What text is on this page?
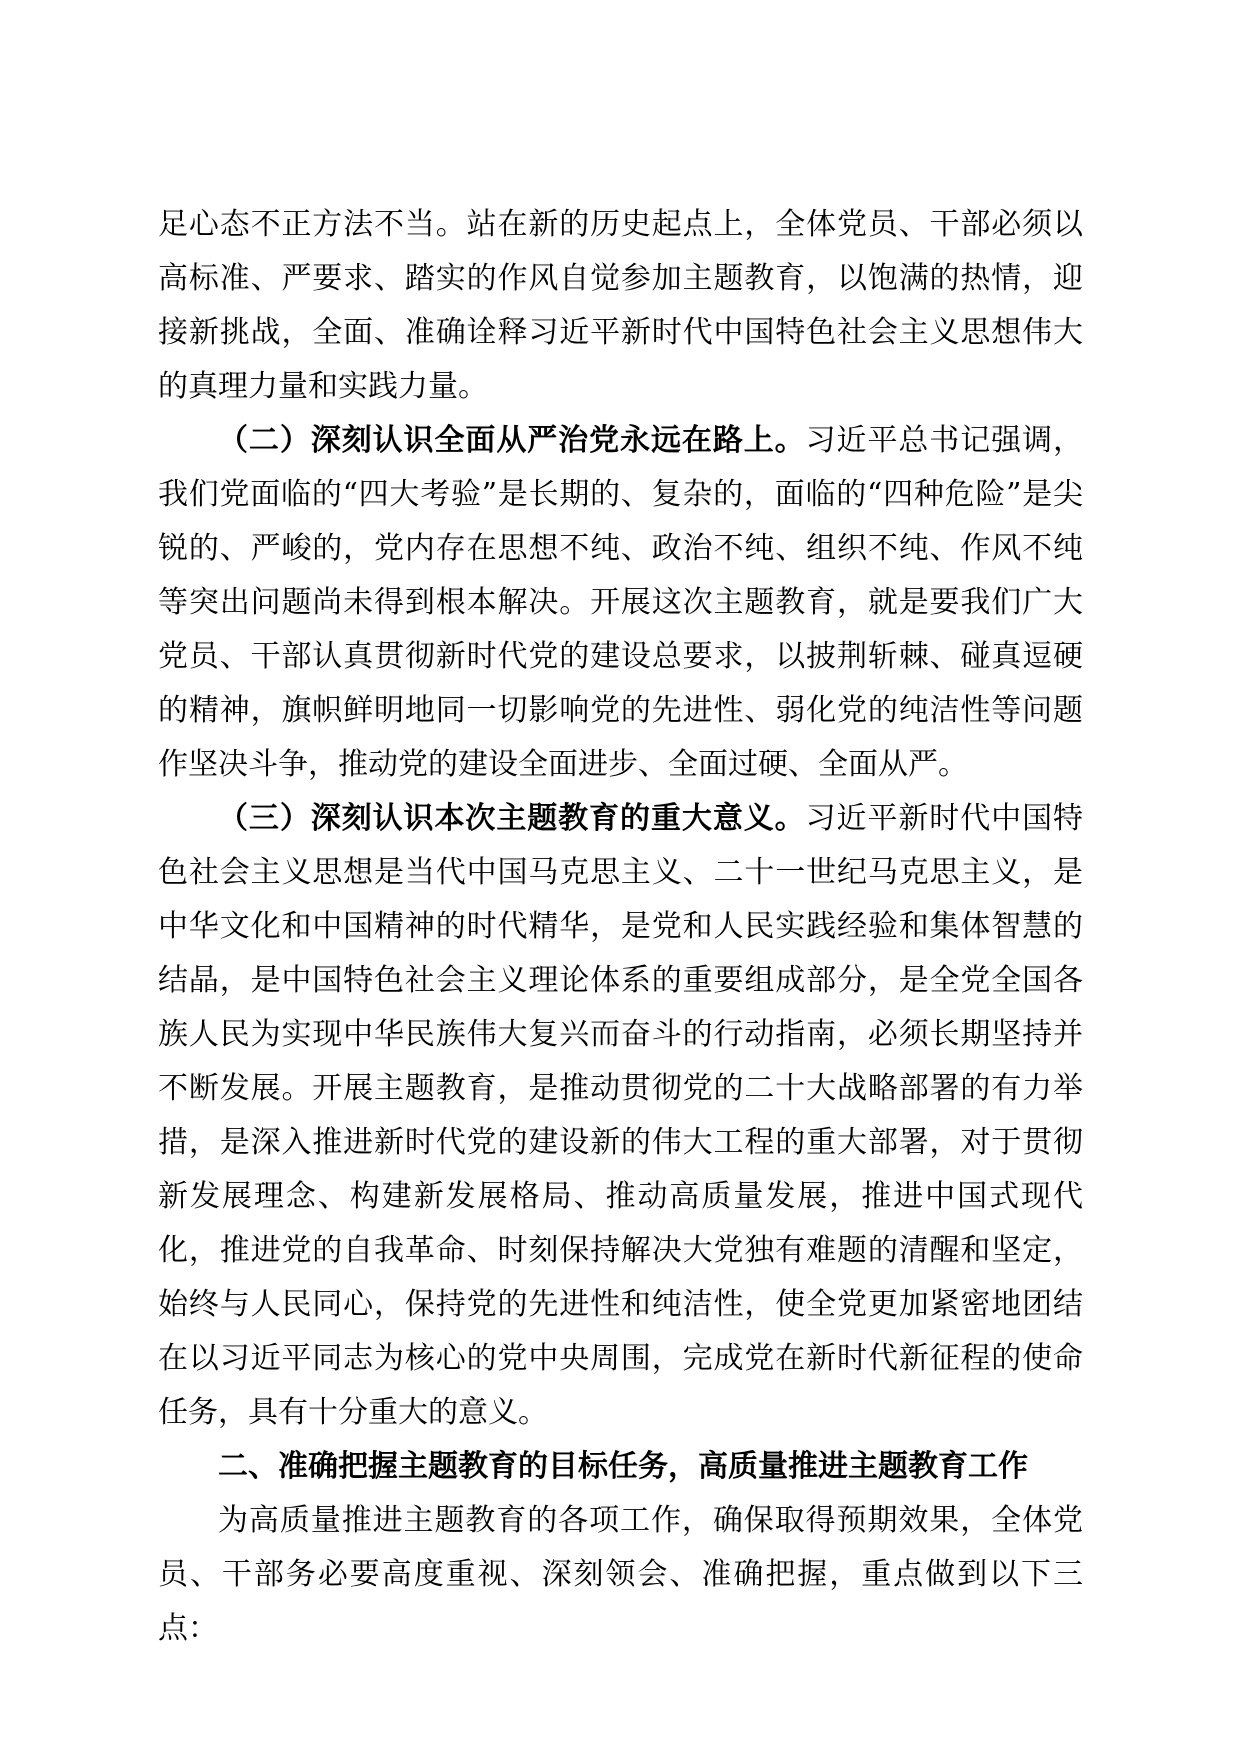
足心态不正方法不当。站在新的历史起点上，全体党员、干部必须以高标准、严要求、踏实的作风自觉参加主题教育，以饱满的热情，迎接新挑战，全面、准确诠释习近平新时代中国特色社会主义思想伟大的真理力量和实践力量。

（二）深刻认识全面从严治党永远在路上。习近平总书记强调，我们党面临的“四大考验”是长期的、复杂的，面临的“四种危险”是尖锐的、严峻的，党内存在思想不纯、政治不纯、组织不纯、作风不纯等突出问题尚未得到根本解决。开展这次主题教育，就是要我们广大党员、干部认真贯彻新时代党的建设总要求，以披荆斩棘、碰真逗硬的精神，旗帜鲜明地同一切影响党的先进性、弱化党的纯洁性等问题作坚决斗争，推动党的建设全面进步、全面过硬、全面从严。

（三）深刻认识本次主题教育的重大意义。习近平新时代中国特色社会主义思想是当代中国马克思主义、二十一世纪马克思主义，是中华文化和中国精神的时代精华，是党和人民实践经验和集体智慧的结晶，是中国特色社会主义理论体系的重要组成部分，是全党全国各族人民为实现中华民族伟大复兴而奋斗的行动指南，必须长期坚持并不断发展。开展主题教育，是推动贯彻党的二十大战略部署的有力举措，是深入推进新时代党的建设新的伟大工程的重大部署，对于贯彻新发展理念、构建新发展格局、推动高质量发展，推进中国式现代化，推进党的自我革命、时刻保持解决大党独有难题的清醒和坚定，始终与人民同心，保持党的先进性和纯洁性，使全党更加紧密地团结在以习近平同志为核心的党中央周围，完成党在新时代新征程的使命任务，具有十分重大的意义。

二、准确把握主题教育的目标任务，高质量推进主题教育工作

为高质量推进主题教育的各项工作，确保取得预期效果，全体党员、干部务必要高度重视、深刻领会、准确把握，重点做到以下三点：
